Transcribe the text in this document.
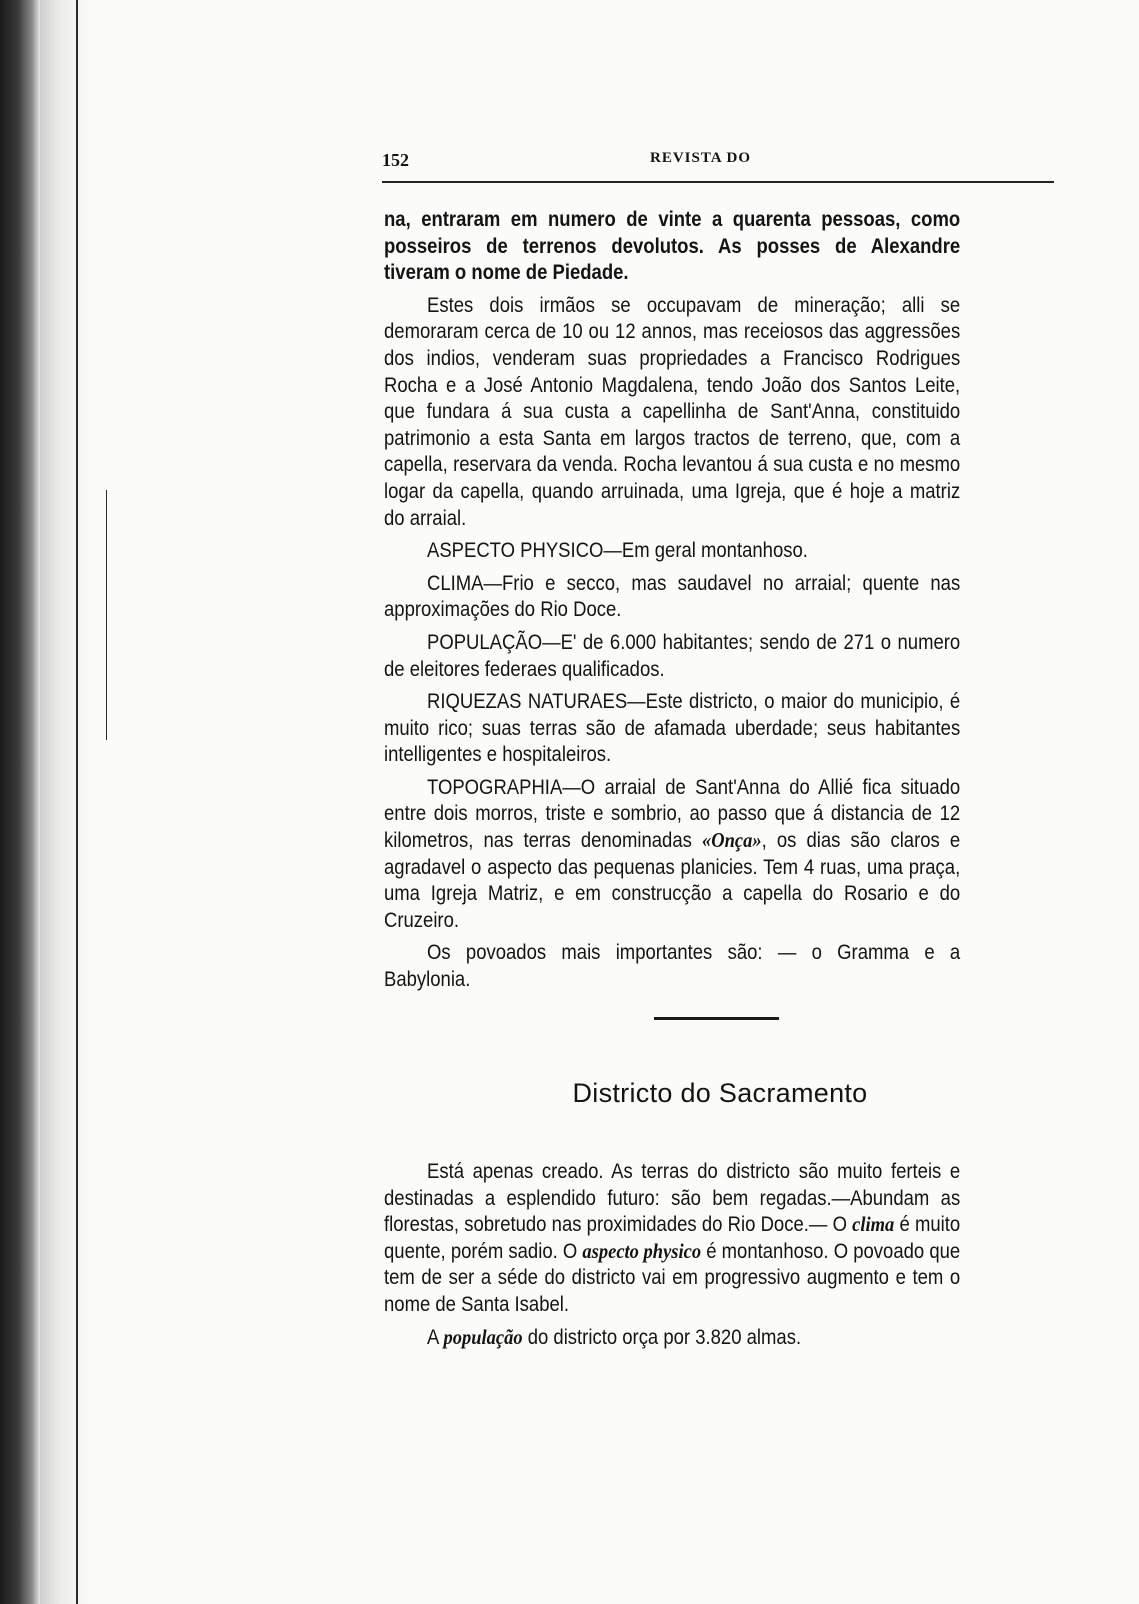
152	REVISTA DO

na, entraram em numero de vinte a quarenta pessoas, como posseiros de terrenos devolutos. As posses de Alexandre tiveram o nome de Piedade.

Estes dois irmãos se occupavam de mineração; alli se demoraram cerca de 10 ou 12 annos, mas receiosos das aggressões dos indios, venderam suas propriedades a Francisco Rodrigues Rocha e a José Antonio Magdalena, tendo João dos Santos Leite, que fundara á sua custa a capellinha de Sant'Anna, constituido patrimonio a esta Santa em largos tractos de terreno, que, com a capella, reservara da venda. Rocha levantou á sua custa e no mesmo logar da capella, quando arruinada, uma Igreja, que é hoje a matriz do arraial.

ASPECTO PHYSICO—Em geral montanhoso.

CLIMA—Frio e secco, mas saudavel no arraial; quente nas approximações do Rio Doce.

POPULAÇÃO—E' de 6.000 habitantes; sendo de 271 o numero de eleitores federaes qualificados.

RIQUEZAS NATURAES—Este districto, o maior do municipio, é muito rico; suas terras são de afamada uberdade; seus habitantes intelligentes e hospitaleiros.

TOPOGRAPHIA—O arraial de Sant'Anna do Allié fica situado entre dois morros, triste e sombrio, ao passo que á distancia de 12 kilometros, nas terras denominadas «Onça», os dias são claros e agradavel o aspecto das pequenas planicies. Tem 4 ruas, uma praça, uma Igreja Matriz, e em construcção a capella do Rosario e do Cruzeiro.

Os povoados mais importantes são: — o Gramma e a Babylonia.

Districto do Sacramento

Está apenas creado. As terras do districto são muito ferteis e destinadas a esplendido futuro: são bem regadas.—Abundam as florestas, sobretudo nas proximidades do Rio Doce.— O clima é muito quente, porém sadio. O aspecto physico é montanhoso. O povoado que tem de ser a séde do districto vai em progressivo augmento e tem o nome de Santa Isabel.

A população do districto orça por 3.820 almas.
